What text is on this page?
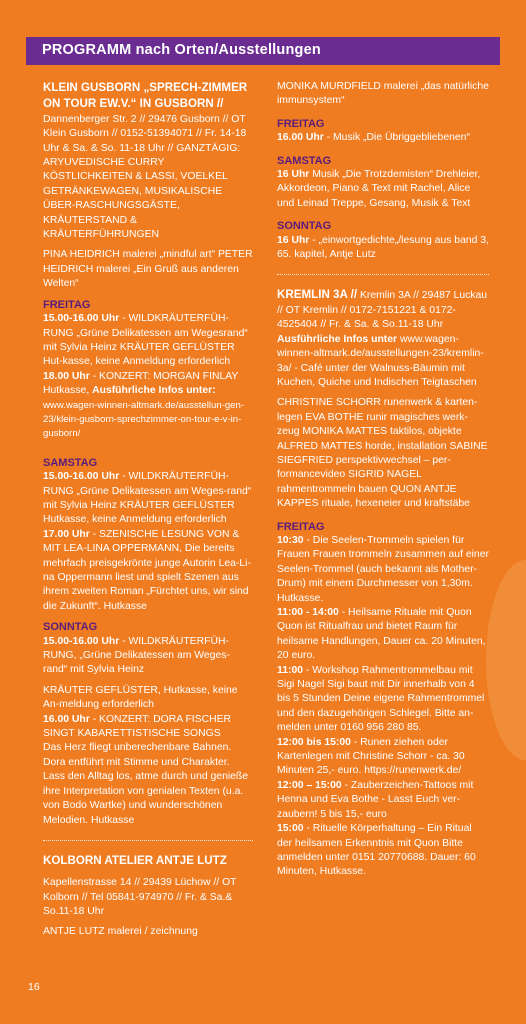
PROGRAMM nach Orten/Ausstellungen

KLEIN GUSBORN „SPRECH-ZIMMER ON TOUR EW.V.“ IN GUSBORN // Dannenberger Str. 2 // 29476 Gusborn // OT Klein Gusborn // 0152-51394071 // Fr. 14-18 Uhr & Sa. & So. 11-18 Uhr // GANZTÄGIG: ARYUVEDISCHE CURRY KÖSTLICHKEITEN & LASSI, VOELKEL GETRÄNKEWAGEN, MUSIKALISCHE ÜBER-RASCHUNGSGÄSTE, KRÄUTERSTAND & KRÄUTERFÜHRUNGEN

PINA HEIDRICH malerei „mindful art“ PETER HEIDRICH malerei „Ein Gruß aus anderen Welten“

FREITAG

15.00-16.00 Uhr - WILDKRÄUTERFÜH-RUNG „Grüne Delikatessen am Wegesrand“ mit Sylvia Heinz KRÄUTER GEFLÜSTER Hut-kasse, keine Anmeldung erforderlich

18.00 Uhr - KONZERT: MORGAN FINLAY Hutkasse, Ausführliche Infos unter: www.wagen-winnen-altmark.de/ausstellun-gen-23/klein-gusborn-sprechzimmer-on-tour-e-v-in-gusborn/

SAMSTAG

15.00-16.00 Uhr - WILDKRÄUTERFÜH-RUNG „Grüne Delikatessen am Weges-rand“ mit Sylvia Heinz KRÄUTER GEFLÜSTER Hutkasse, keine Anmeldung erforderlich

17.00 Uhr - SZENISCHE LESUNG VON & MIT LEA-LINA OPPERMANN, Die bereits mehrfach preisgekrönte junge Autorin Lea-Li-na Oppermann liest und spielt Szenen aus ihrem zweiten Roman „Fürchtet uns, wir sind die Zukunft“. Hutkasse

SONNTAG

15.00-16.00 Uhr - WILDKRÄUTERFÜH-RUNG, „Grüne Delikatessen am Weges-rand“ mit Sylvia Heinz

KRÄUTER GEFLÜSTER, Hutkasse, keine An-meldung erforderlich

16.00 Uhr - KONZERT: DORA FISCHER SINGT KABARETTISTISCHE SONGS

Das Herz fliegt unberechenbare Bahnen. Dora entführt mit Stimme und Charakter. Lass den Alltag los, atme durch und genieße ihre Interpretation von genialen Texten (u.a. von Bodo Wartke) und wunderschönen Melodien. Hutkasse

KOLBORN ATELIER ANTJE LUTZ

Kapellenstrasse 14 // 29439 Lüchow // OT Kolborn // Tel 05841-974970 // Fr. & Sa.& So.11-18 Uhr

ANTJE LUTZ malerei / zeichnung

MONIKA MURDFIELD malerei „das natürliche immunsystem“

FREITAG

16.00 Uhr - Musik „Die Übriggebliebenen“

SAMSTAG

16 Uhr Musik „Die Trotzdemisten“ Drehleier, Akkordeon, Piano & Text mit Rachel, Alice und Leinad Treppe, Gesang, Musik & Text

SONNTAG

16 Uhr - „einwortgedichte„/lesung aus band 3, 65. kapitel, Antje Lutz

KREMLIN 3A // Kremlin 3A // 29487 Luckau // OT Kremlin // 0172-7151221 & 0172-4525404 // Fr. & Sa. & So.11-18 Uhr Ausführliche Infos unter www.wagen-winnen-altmark.de/ausstellungen-23/kremlin-3a/ - Café unter der Walnuss-Bäumin mit Kuchen, Quiche und Indischen Teigtaschen

CHRISTINE SCHORR runenwerk & karten-legen EVA BOTHE runir magisches werk-zeug MONIKA MATTES taktilos, objekte ALFRED MATTES horde, installation SABINE SIEGFRIED perspektivwechsel – per-formancevideo SIGRID NAGEL rahmentrommeln bauen QUON ANTJE KAPPES rituale, hexeneier und kraftstäbe

FREITAG

10:30 - Die Seelen-Trommeln spielen für Frauen Frauen trommeln zusammen auf einer Seelen-Trommel (auch bekannt als Mother-Drum) mit einem Durchmesser von 1,30m. Hutkasse.

11:00 - 14:00 - Heilsame Rituale mit Quon Quon ist Ritualfrau und bietet Raum für heilsame Handlungen, Dauer ca. 20 Minuten, 20 euro.

11:00 - Workshop Rahmentrommelbau mit Sigi Nagel Sigi baut mit Dir innerhalb von 4 bis 5 Stunden Deine eigene Rahmentrommel und den dazugehörigen Schlegel. Bitte an-melden unter 0160 956 280 85.

12:00 bis 15:00 - Runen ziehen oder Kartenlegen mit Christine Schorr - ca. 30 Minuten 25,- euro. https://runenwerk.de/

12:00 – 15:00 - Zauberzeichen-Tattoos mit Henna und Eva Bothe - Lasst Euch ver-zaubern! 5 bis 15,- euro

15:00 - Rituelle Körperhaltung – Ein Ritual der heilsamen Erkenntnis mit Quon Bitte anmelden unter 0151 20770688. Dauer: 60 Minuten, Hutkasse.

16
